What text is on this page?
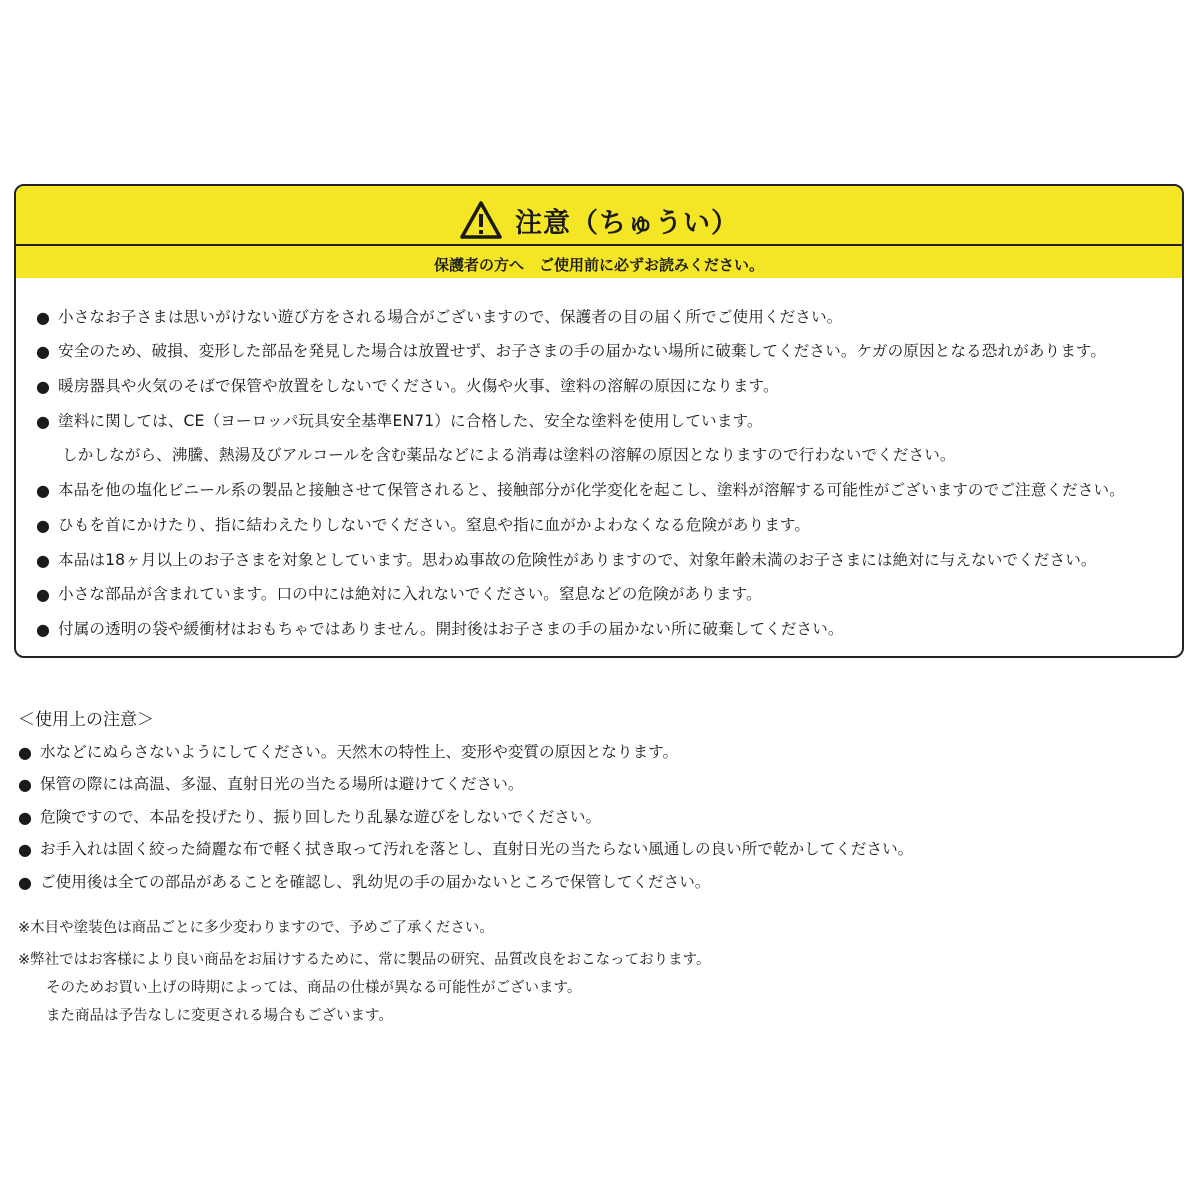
注意（ちゅうい）
保護者の方へ　ご使用前に必ずお読みください。
● 小さなお子さまは思いがけない遊び方をされる場合がございますので、保護者の目の届く所でご使用ください。
● 安全のため、破損、変形した部品を発見した場合は放置せず、お子さまの手の届かない場所に破棄してください。ケガの原因となる恐れがあります。
● 暖房器具や火気のそばで保管や放置をしないでください。火傷や火事、塗料の溶解の原因になります。
● 塗料に関しては、CE（ヨーロッパ玩具安全基準EN71）に合格した、安全な塗料を使用しています。
しかしながら、沸騰、熱湯及びアルコールを含む薬品などによる消毒は塗料の溶解の原因となりますので行わないでください。
● 本品を他の塩化ビニール系の製品と接触させて保管されると、接触部分が化学変化を起こし、塗料が溶解する可能性がございますのでご注意ください。
● ひもを首にかけたり、指に結わえたりしないでください。窒息や指に血がかよわなくなる危険があります。
● 本品は18ヶ月以上のお子さまを対象としています。思わぬ事故の危険性がありますので、対象年齢未満のお子さまには絶対に与えないでください。
● 小さな部品が含まれています。口の中には絶対に入れないでください。窒息などの危険があります。
● 付属の透明の袋や緩衝材はおもちゃではありません。開封後はお子さまの手の届かない所に破棄してください。
＜使用上の注意＞
● 水などにぬらさないようにしてください。天然木の特性上、変形や変質の原因となります。
● 保管の際には高温、多湿、直射日光の当たる場所は避けてください。
● 危険ですので、本品を投げたり、振り回したり乱暴な遊びをしないでください。
● お手入れは固く絞った綺麗な布で軽く拭き取って汚れを落とし、直射日光の当たらない風通しの良い所で乾かしてください。
● ご使用後は全ての部品があることを確認し、乳幼児の手の届かないところで保管してください。
※木目や塗装色は商品ごとに多少変わりますので、予めご了承ください。
※弊社ではお客様により良い商品をお届けするために、常に製品の研究、品質改良をおこなっております。
そのためお買い上げの時期によっては、商品の仕様が異なる可能性がございます。
また商品は予告なしに変更される場合もございます。
